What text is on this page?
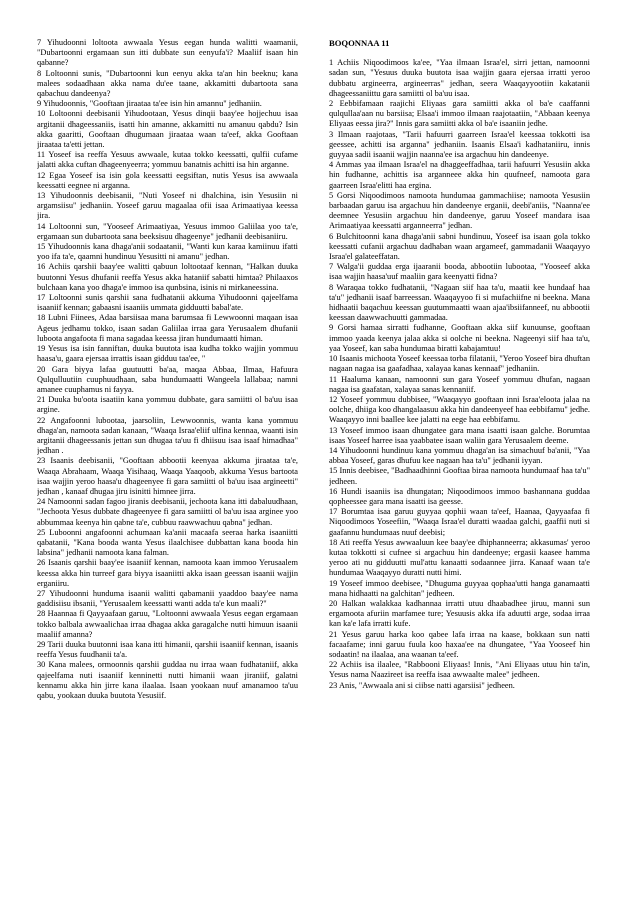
7 Yihudoonni loltoota awwaala Yesus eegan hunda walitti waamanii, "Dubartoonni ergamaan sun itti dubbate sun eenyufa'i? Maaliif isaan hin qabanne?

8 Loltoonni sunis, "Dubartoonni kun eenyu akka ta'an hin beeknu; kana malees sodaadhaan akka nama du'ee taane, akkamitti dubartoota sana qabachuu dandeenya?

9 Yihudoonnis, "Gooftaan jiraataa ta'ee isin hin amannu" jedhaniin.

10 Loltoonni deebisanii Yihudootaan, Yesus dinqii baay'ee hojjechuu isaa argitanii dhageessaniis, isatti hin amanne, akkamitti nu amanuu qabdu? Isin akka gaaritti, Gooftaan dhugumaan jiraataa waan ta'eef, akka Gooftaan jiraataa ta'etti jettan.

11 Yoseef isa reeffa Yesuus awwaale, kutaa tokko keessatti, qulfii cufame jalatti akka cuftan dhageenyeerra; yommuu banatnis achitti isa hin arganne.

12 Egaa Yoseef isa isin gola keessatti eegsiftan, nutis Yesus isa awwaala keessatti eegnee ni arganna.

13 Yihudoonnis deebisanii, "Nuti Yoseef ni dhalchina, isin Yesusiin ni argamsiisu" jedhaniin. Yoseef garuu magaalaa ofii isaa Arimaatiyaa keessa jira.

14 Loltoonni sun, "Yooseef Arimaatiyaa, Yesuus immoo Galiilaa yoo ta'e, ergamaan sun dubartoota sana beeksisuu dhageenye" jedhanii deebisaniiru.

15 Yihudoonnis kana dhaga'anii sodaatanii, "Wanti kun karaa kamiinuu ifatti yoo ifa ta'e, qaamni hundinuu Yesusitti ni amanu" jedhan.

16 Achiis qarshii baay'ee walitti qabuun loltootaaf kennan, "Halkan duuka buutonni Yesus dhufanii reeffa Yesus akka hataniif sabatti himtaa? Philaaxos bulchaan kana yoo dhaga'e immoo isa qunbsina, isinis ni mirkaneessina.

17 Loltoonni sunis qarshii sana fudhatanii akkuma Yihudoonni qajeelfama isaaniif kennan; gabaasni isaaniis ummata gidduutti babal'ate.

18 Lubni Fiinees, Adaa barsiisaa mana barumsaa fi Lewwoonni maqaan isaa Ageus jedhamu tokko, isaan sadan Galiilaa irraa gara Yerusaalem dhufanii luboota angafoota fi mana sagadaa keessa jiran hundumaatti himan.

19 Yesus isa isin fanniftan, duuka buutota isaa kudha tokko wajjin yommuu haasa'u, gaara ejersaa irrattis isaan gidduu taa'ee, "

20 Gara biyya lafaa guutuutti ba'aa, maqaa Abbaa, Ilmaa, Hafuura Qulqulluutiin cuuphuudhaan, saba hundumaatti Wangeela lallabaa; namni amanee cuuphamus ni fayya.

21 Duuka bu'oota isaatiin kana yommuu dubbate, gara samiitti ol ba'uu isaa argine.

22 Angafoonni lubootaa, jaarsoliin, Lewwoonnis, wanta kana yommuu dhaga'an, namoota sadan kanaan, "Waaqa Israa'eliif ulfina kennaa, waanti isin argitanii dhageessanis jettan sun dhugaa ta'uu fi dhiisuu isaa isaaf himadhaa" jedhan .

23 Isaanis deebisanii, "Gooftaan abbootii keenyaa akkuma jiraataa ta'e, Waaqa Abrahaam, Waaqa Yisihaaq, Waaqa Yaaqoob, akkuma Yesus bartoota isaa wajjin yeroo haasa'u dhageenyee fi gara samiitti ol ba'uu isaa argineetti" jedhan , kanaaf dhugaa jiru isinitti himnee jirra.

24 Namoonni sadan fagoo jiranis deebisanii, jechoota kana itti dabaluudhaan, "Jechoota Yesus dubbate dhageenyee fi gara samiitti ol ba'uu isaa arginee yoo abbummaa keenya hin qabne ta'e, cubbuu raawwachuu qabna" jedhan.

25 Luboonni angafoonni achumaan ka'anii macaafa seeraa harka isaaniitti qabatanii, "Kana booda wanta Yesus ilaalchisee dubbattan kana booda hin labsina" jedhanii namoota kana falman.

26 Isaanis qarshii baay'ee isaaniif kennan, namoota kaan immoo Yerusaalem keessa akka hin turreef gara biyya isaaniitti akka isaan geessan isaanii wajjin erganiiru.

27 Yihudoonni hunduma isaanii walitti qabamanii yaaddoo baay'ee nama gaddisiisu ibsanii, "Yerusaalem keessatti wanti adda ta'e kun maali?"

28 Haannaa fi Qayyaafaan garuu, "Loltoonni awwaala Yesus eegan ergamaan tokko balbala awwaalichaa irraa dhagaa akka garagalche nutti himuun isaanii maaliif amanna?

29 Tarii duuka buutonni isaa kana itti himanii, qarshii isaaniif kennan, isaanis reeffa Yesus fuudhanii ta'a.

30 Kana malees, ormoonnis qarshii guddaa nu irraa waan fudhataniif, akka qajeelfama nuti isaaniif kenninetti nutti himanii waan jiraniif, galatni kennamu akka hin jirre kana ilaalaa. Isaan yookaan nuuf amanamoo ta'uu qabu, yookaan duuka buutota Yesusiif.

BOQONNAA 11

1 Achiis Niqoodimoos ka'ee, "Yaa ilmaan Israa'el, sirri jettan, namoonni sadan sun, "Yesuus duuka buutota isaa wajjin gaara ejersaa irratti yeroo dubbatu argineerra, argineerras" jedhan, seera Waaqayyootiin kakatanii dhageessaniittu gara samiitti ol ba'uu isaa.

2 Eebbifamaan raajichi Eliyaas gara samiitti akka ol ba'e caaffanni qulqullaa'aan nu barsiisa; Elsaa'i immoo ilmaan raajotaatiin, "Abbaan keenya Eliyaas eessa jira?" Innis gara samiitti akka ol ba'e isaaniin jedhe.

3 Ilmaan raajotaas, "Tarii hafuurri gaarreen Israa'el keessaa tokkotti isa geessee, achitti isa arganna" jedhaniin. Isaanis Elsaa'i kadhataniiru, innis guyyaa sadii isaanii wajjin naanna'ee isa argachuu hin dandeenye.

4 Ammas yaa ilmaan Israa'el na dhaggeeffadhaa, tarii hafuurri Yesusiin akka hin fudhanne, achittis isa arganneee akka hin quufneef, namoota gara gaarreen Israa'elitti haa ergina.

5 Gorsi Niqoodimoos namoota hundumaa gammachiise; namoota Yesusiin barbaadan garuu isa argachuu hin dandeenye erganii, deebi'aniis, "Naanna'ee deemnee Yesusiin argachuu hin dandeenye, garuu Yoseef mandara isaa Arimaatiyaa keessatti arganneerra" jedhan.

6 Bulchitoonni kana dhaga'anii sabni hundinuu, Yoseef isa isaan gola tokko keessatti cufanii argachuu dadhaban waan argameef, gammadanii Waaqayyo Israa'el galateeffatan.

7 Walga'ii guddaa erga ijaaranii booda, abbootiin lubootaa, "Yooseef akka isaa wajjin haasa'uuf maaliin gara keenyatti fidna?

8 Waraqaa tokko fudhatanii, "Nagaan siif haa ta'u, maatii kee hundaaf haa ta'u" jedhanii isaaf barreessan. Waaqayyoo fi si mufachiifne ni beekna. Mana hidhaatii baqachuu keessan guutummaatti waan ajaa'ibsiifanneef, nu abbootii keessan daawwachuutti gammadaa.

9 Gorsi hamaa sirratti fudhanne, Gooftaan akka siif kunuunse, gooftaan immoo yaada keenya jalaa akka si oolche ni beekna. Nageenyi siif haa ta'u, yaa Yoseef, kan saba hundumaa biratti kabajamtuu!

10 Isaanis michoota Yoseef keessaa torba filatanii, "Yeroo Yoseef bira dhuftan nagaan nagaa isa gaafadhaa, xalayaa kanas kennaaf" jedhaniin.

11 Haaluma kanaan, namoonni sun gara Yoseef yommuu dhufan, nagaan nagaa isa gaafatan, xalayaa sanas kennaniif.

12 Yoseef yommuu dubbisee, "Waaqayyo gooftaan inni Israa'eloota jalaa na oolche, dhiiga koo dhangalaasuu akka hin dandeenyeef haa eebbifamu" jedhe. Waaqayyo inni baallee kee jalatti na eege haa eebbifamu.

13 Yoseef immoo isaan dhungatee gara mana isaatti isaan galche. Borumtaa isaas Yoseef harree isaa yaabbatee isaan waliin gara Yerusaalem deeme.

14 Yihudoonni hundinuu kana yommuu dhaga'an isa simachuuf ba'anii, "Yaa abbaa Yoseef, garas dhufuu kee nagaan haa ta'u" jedhanii iyyan.

15 Innis deebisee, "Badhaadhinni Gooftaa biraa namoota hundumaaf haa ta'u" jedheen.

16 Hundi isaaniis isa dhungatan; Niqoodimoos immoo bashannana guddaa qopheessee gara mana isaatti isa geesse.

17 Borumtaa isaa garuu guyyaa qophii waan ta'eef, Haanaa, Qayyaafaa fi Niqoodimoos Yoseefiin, "Waaqa Israa'el duratti waadaa galchi, gaaffii nuti si gaafannu hundumaas nuuf deebisi;

18 Ati reeffa Yesus awwaaluun kee baay'ee dhiphanneerra; akkasumas' yeroo kutaa tokkotti si cufnee si argachuu hin dandeenye; ergasii kaasee hamma yeroo ati nu gidduutti mul'attu kanaatti sodaannee jirra. Kanaaf waan ta'e hundumaa Waaqayyo duratti nutti himi.

19 Yoseef immoo deebisee, "Dhuguma guyyaa qophaa'utti hanga ganamaatti mana hidhaatti na galchitan" jedheen.

20 Halkan walakkaa kadhannaa irratti utuu dhaabadhee jiruu, manni sun ergamoota afuriin marfamee ture; Yesuusis akka ifa aduutti arge, sodaa irraa kan ka'e lafa irratti kufe.

21 Yesus garuu harka koo qabee lafa irraa na kaase, bokkaan sun natti facaafame; inni garuu fuula koo haxaa'ee na dhungatee, "Yaa Yooseef hin sodaatin! na ilaalaa, ana waanan ta'eef.

22 Achiis isa ilaalee, "Rabbooni Eliyaas! Innis, "Ani Eliyaas utuu hin ta'in, Yesus nama Naazireet isa reeffa isaa awwaalte malee" jedheen.

23 Anis, "Awwaala ani si ciibse natti agarsiisi" jedheen.
